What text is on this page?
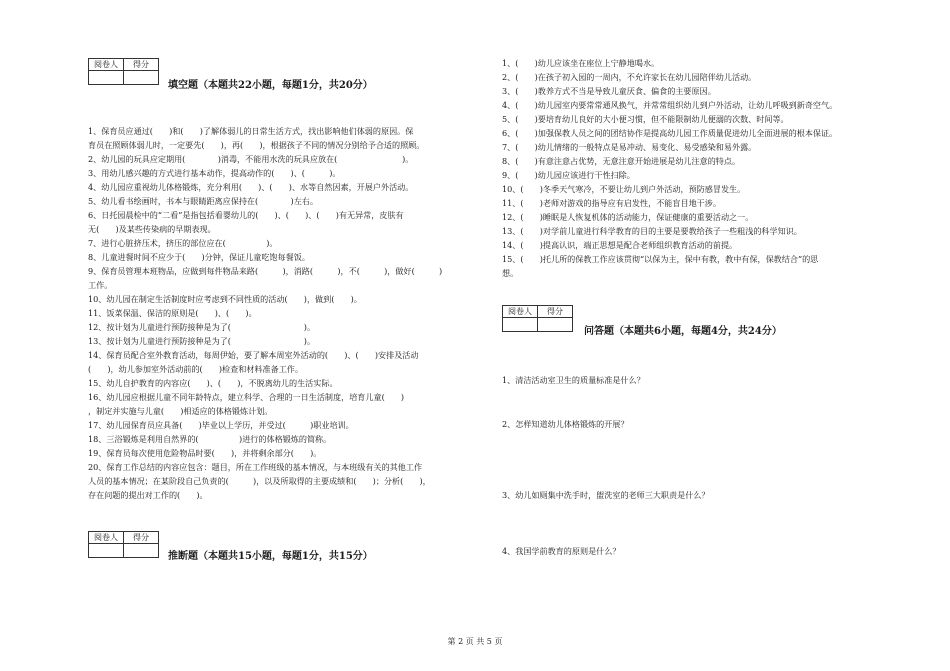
阅卷人	得分

填空题（本题共22小题，每题1分，共20分）
1、保育员应通过(　　)和(　　)了解体弱儿的日常生活方式，找出影响他们体弱的原因。保
育员在照顾体弱儿时，一定要先(　　)，再(　　)，根据孩子不同的情况分别给予合适的照顾。
2、幼儿园的玩具应定期用(　　　　)消毒，不能用水洗的玩具应放在(　　　　　　　　)。
3、用幼儿感兴趣的方式进行基本动作，提高动作的(　　)、(　　　)。
4、幼儿园应重视幼儿体格锻炼，充分利用(　　)、(　　)、水等自然因素，开展户外活动。
5、幼儿看书绘画时，书本与眼睛距离应保持在(　　　　)左右。
6、日托园晨检中的“二看”是指包括看婴幼儿的(　　)、(　　)、(　　)有无异常，皮肤有
无(　　)及某些传染病的早期表现。
7、进行心脏挤压术，挤压的部位应在(　　　　　)。
8、儿童进餐时间不应少于(　　)分钟，保证儿童吃饱每餐饭。
9、保育员管理本班物品，应做到每件物品来路(　　　)，消路(　　　)，不(　　　)，做好(　　　)
工作。
10、幼儿园在制定生活制度时应考虑到不同性质的活动(　　)，做到(　　)。
11、饭菜保温、保洁的原则是(　　)、(　　)。
12、按计划为儿童进行预防接种是为了(　　　　　　　　　)。
13、按计划为儿童进行预防接种是为了(　　　　　　　　　)。
14、保育员配合室外教育活动，每周伊始，要了解本周室外活动的(　　)、(　　)安排及活动
(　　)，幼儿参加室外活动前的(　　)检查和材料准备工作。
15、幼儿自护教育的内容应(　　)、(　　)，不脱离幼儿的生活实际。
16、幼儿园应根据儿童不同年龄特点，建立科学、合理的一日生活制度，培育儿童(　　)
，制定并实施与儿童(　　)相适应的体格锻炼计划。
17、幼儿园保育员应具备(　　)毕业以上学历，并受过(　　　)职业培训。
18、三浴锻炼是利用自然界的(　　　　　)进行的体格锻炼的简称。
19、保育员每次使用危险物品时要(　　)，并将剩余部分(　　)。
20、保育工作总结的内容应包含：题目，所在工作班级的基本情况，与本班级有关的其他工作
人员的基本情况；在某阶段自己负责的(　　　)，以及所取得的主要成绩和(　　)；分析(　　)，
存在问题的提出对工作的(　　)。
阅卷人	得分

推断题（本题共15小题，每题1分，共15分）
1、(　　)幼儿应该坐在座位上宁静地喝水。
2、(　　)在孩子初入园的一周内，不允许家长在幼儿园陪伴幼儿活动。
3、(　　)教养方式不当是导致儿童厌食、偏食的主要原因。
4、(　　)幼儿园室内要常常通风换气，并常常组织幼儿到户外活动，让幼儿呼吸到新奇空气。
5、(　　)要培育幼儿良好的大小便习惯，但不能限制幼儿便溺的次数、时间等。
6、(　　)加强保教人员之间的团结协作是提高幼儿园工作质量促进幼儿全面进展的根本保证。
7、(　　)幼儿情绪的一般特点是易冲动、易变化、易受感染和易外露。
8、(　　)有意注意占优势，无意注意开始进展是幼儿注意的特点。
9、(　　)幼儿园应该进行干性扫除。
10、(　　)冬季天气寒冷，不要让幼儿到户外活动，预防感冒发生。
11、(　　)老师对游戏的指导应有启发性，不能盲目地干涉。
12、(　　)睡眠是人恢复机体的活动能力，保证健康的重要活动之一。
13、(　　)对学前儿童进行科学教育的目的主要是要教给孩子一些粗浅的科学知识。
14、(　　)提高认识，端正思想是配合老师组织教育活动的前提。
15、(　　)托儿所的保教工作应该贯彻“以保为主，保中有教，教中有保，保教结合”的思
想。
阅卷人	得分

问答题（本题共6小题，每题4分，共24分）
1、清洁活动室卫生的质量标准是什么？
2、怎样知道幼儿体格锻炼的开展？
3、幼儿如厕集中洗手时，盥洗室的老师三大职责是什么？
4、我国学前教育的原则是什么？
第 2 页 共 5 页
